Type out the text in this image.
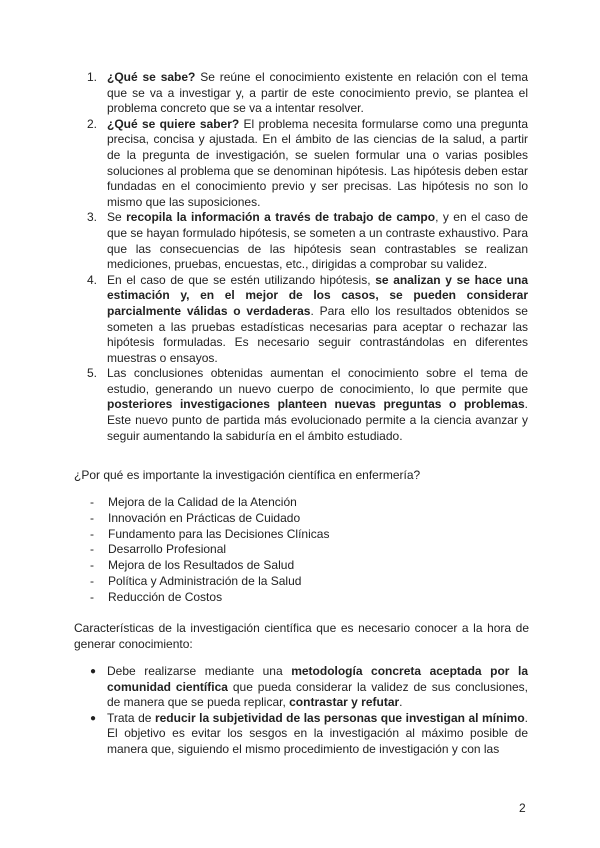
1. ¿Qué se sabe? Se reúne el conocimiento existente en relación con el tema que se va a investigar y, a partir de este conocimiento previo, se plantea el problema concreto que se va a intentar resolver.
2. ¿Qué se quiere saber? El problema necesita formularse como una pregunta precisa, concisa y ajustada. En el ámbito de las ciencias de la salud, a partir de la pregunta de investigación, se suelen formular una o varias posibles soluciones al problema que se denominan hipótesis. Las hipótesis deben estar fundadas en el conocimiento previo y ser precisas. Las hipótesis no son lo mismo que las suposiciones.
3. Se recopila la información a través de trabajo de campo, y en el caso de que se hayan formulado hipótesis, se someten a un contraste exhaustivo. Para que las consecuencias de las hipótesis sean contrastables se realizan mediciones, pruebas, encuestas, etc., dirigidas a comprobar su validez.
4. En el caso de que se estén utilizando hipótesis, se analizan y se hace una estimación y, en el mejor de los casos, se pueden considerar parcialmente válidas o verdaderas. Para ello los resultados obtenidos se someten a las pruebas estadísticas necesarias para aceptar o rechazar las hipótesis formuladas. Es necesario seguir contrastándolas en diferentes muestras o ensayos.
5. Las conclusiones obtenidas aumentan el conocimiento sobre el tema de estudio, generando un nuevo cuerpo de conocimiento, lo que permite que posteriores investigaciones planteen nuevas preguntas o problemas. Este nuevo punto de partida más evolucionado permite a la ciencia avanzar y seguir aumentando la sabiduría en el ámbito estudiado.
¿Por qué es importante la investigación científica en enfermería?
- Mejora de la Calidad de la Atención
- Innovación en Prácticas de Cuidado
- Fundamento para las Decisiones Clínicas
- Desarrollo Profesional
- Mejora de los Resultados de Salud
- Política y Administración de la Salud
- Reducción de Costos
Características de la investigación científica que es necesario conocer a la hora de generar conocimiento:
● Debe realizarse mediante una metodología concreta aceptada por la comunidad científica que pueda considerar la validez de sus conclusiones, de manera que se pueda replicar, contrastar y refutar.
● Trata de reducir la subjetividad de las personas que investigan al mínimo. El objetivo es evitar los sesgos en la investigación al máximo posible de manera que, siguiendo el mismo procedimiento de investigación y con las
2
